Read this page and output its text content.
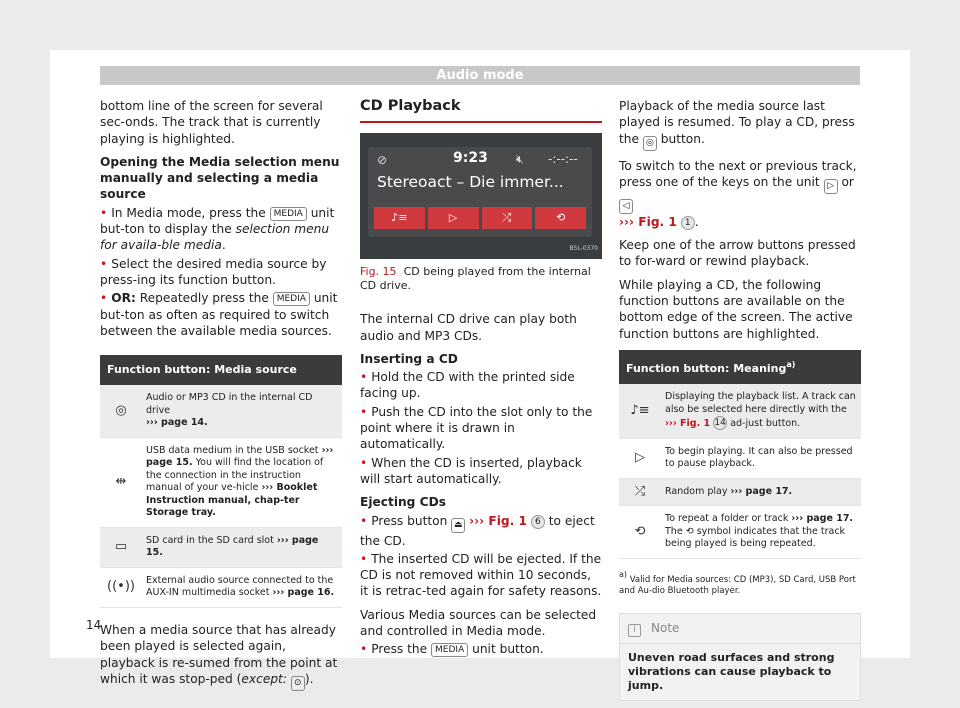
Audio mode

bottom line of the screen for several sec-onds. The track that is currently playing is highlighted.

Opening the Media selection menu manually and selecting a media source

• In Media mode, press the MEDIA unit but-ton to display the selection menu for availa-ble media.

• Select the desired media source by press-ing its function button.

• OR: Repeatedly press the MEDIA unit but-ton as often as required to switch between the available media sources.

Function button: Media source	
◎	Audio or MP3 CD in the internal CD drive
››› page 14.
⇹	USB data medium in the USB socket ››› page 15. You will find the location of the connection in the instruction manual of your ve-hicle ››› Booklet Instruction manual, chap-ter Storage tray.
▭	SD card in the SD card slot ››› page 15.
((•))	External audio source connected to the AUX-IN multimedia socket ››› page 16.

When a media source that has already been played is selected again, playback is re-sumed from the point at which it was stop-ped (except: ⊙ ).

CD Playback
⊘	9:23 🔇︎ -:--:--
Stereoact – Die immer...
♪≡	▷	⤮	⟲
B5L-0370
Fig. 15 CD being played from the internal CD drive.

The internal CD drive can play both audio and MP3 CDs.

Inserting a CD

• Hold the CD with the printed side facing up.

• Push the CD into the slot only to the point where it is drawn in automatically.

• When the CD is inserted, playback will start automatically.

Ejecting CDs

• Press button ⏏ ››› Fig. 1 6 to eject the CD.

• The inserted CD will be ejected. If the CD is not removed within 10 seconds, it is retrac-ted again for safety reasons.

Various Media sources can be selected and controlled in Media mode.

• Press the MEDIA unit button.

Playback of the media source last played is resumed. To play a CD, press the ◎ button.

To switch to the next or previous track, press one of the keys on the unit ▷ or ◁
››› Fig. 1 1 .

Keep one of the arrow buttons pressed to for-ward or rewind playback.

While playing a CD, the following function buttons are available on the bottom edge of the screen. The active function buttons are highlighted.

Function button: Meaning$^{a)}$
♪≡	Displaying the playback list. A track can also be selected here directly with the ››› Fig. 1 14 ad-just button.
▷	To begin playing. It can also be pressed to pause playback.
⤮	Random play ››› page 17.
⟲	To repeat a folder or track ››› page 17. The ⟲ symbol indicates that the track being played is being repeated.

a) Valid for Media sources: CD (MP3), SD Card, USB Port and Au-dio Bluetooth player.

i Note
Uneven road surfaces and strong vibrations can cause playback to jump.
14
